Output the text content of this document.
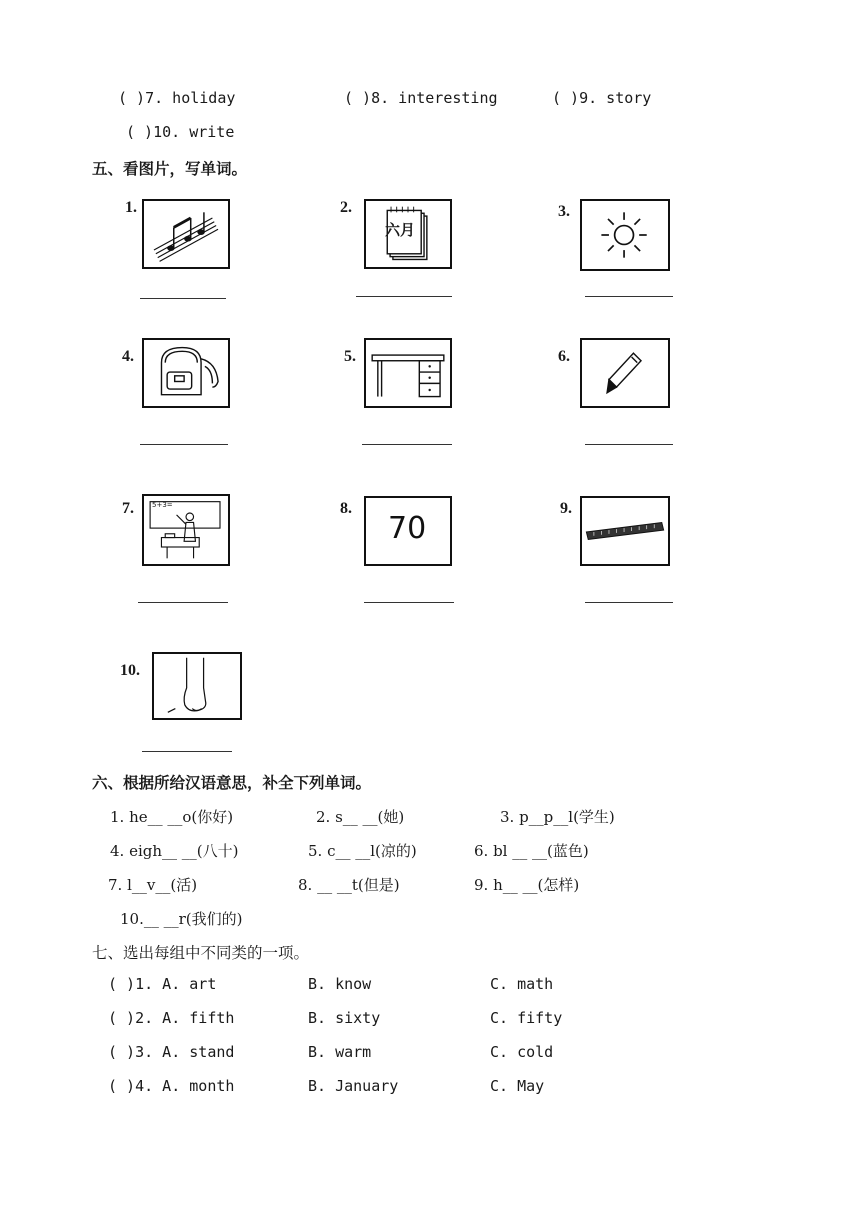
( )7. holiday	( )8. interesting	( )9. story
( )10. write
五、看图片，写单词。
1.	2.
六月
3.
4.	5.	6.
7.	5+3=	8.
70
9.
10.
六、根据所给汉语意思，补全下列单词。
1. he__ __o(你好)	2. s__ __(她)	3. p__p__l(学生)
4. eigh__ __(八十)	5. c__ __l(凉的)	6. bl __ __(蓝色)
7. l__v__(活)	8. __ __t(但是)	9. h__ __(怎样)
10.__ __r(我们的)
七、选出每组中不同类的一项。
( )1. A. art	B. know	C. math
( )2. A. fifth	B. sixty	C. fifty
( )3. A. stand	B. warm	C. cold
( )4. A. month	B. January	C. May
